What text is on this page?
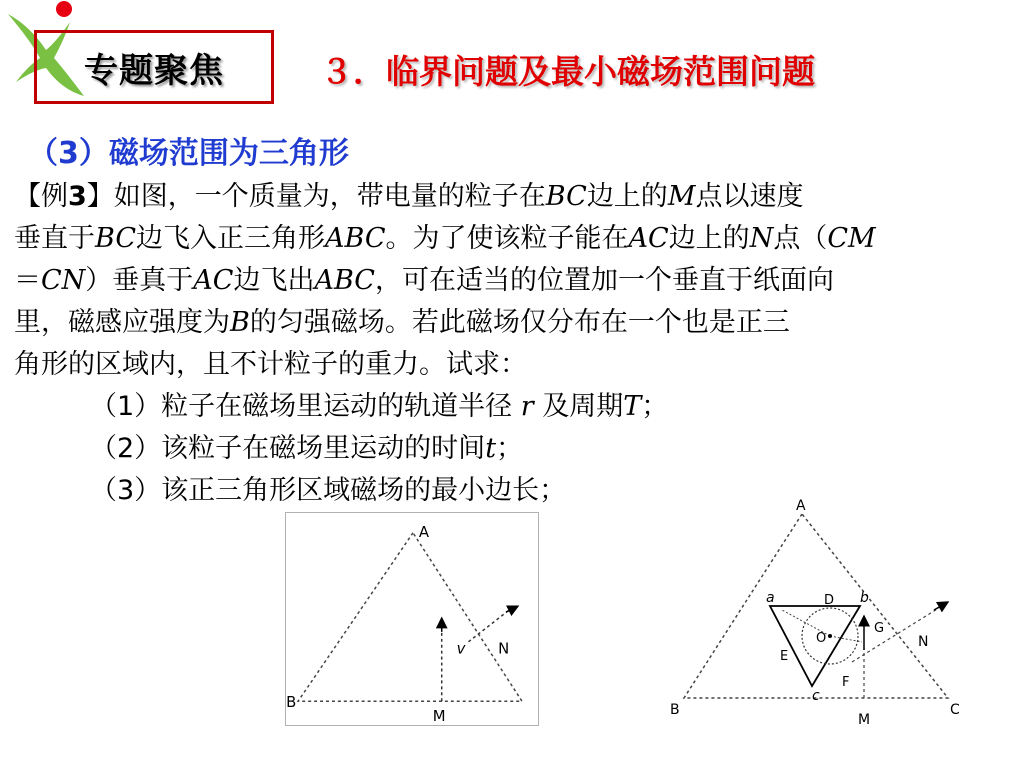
专题聚焦	３．临界问题及最小磁场范围问题
（3）磁场范围为三角形
【例3】如图，一个质量为，带电量的粒子在BC边上的M点以速度
垂直于BC边飞入正三角形ABC。为了使该粒子能在AC边上的N点（CM
＝CN）垂真于AC边飞出ABC，可在适当的位置加一个垂直于纸面向
里，磁感应强度为B的匀强磁场。若此磁场仅分布在一个也是正三
角形的区域内，且不计粒子的重力。试求：
（1）粒子在磁场里运动的轨道半径 r 及周期T；
（2）该粒子在磁场里运动的时间t；
（3）该正三角形区域磁场的最小边长；
A
B
M
N
v
A
B	C
M
N
a	b
c
D
E
F
G
O
